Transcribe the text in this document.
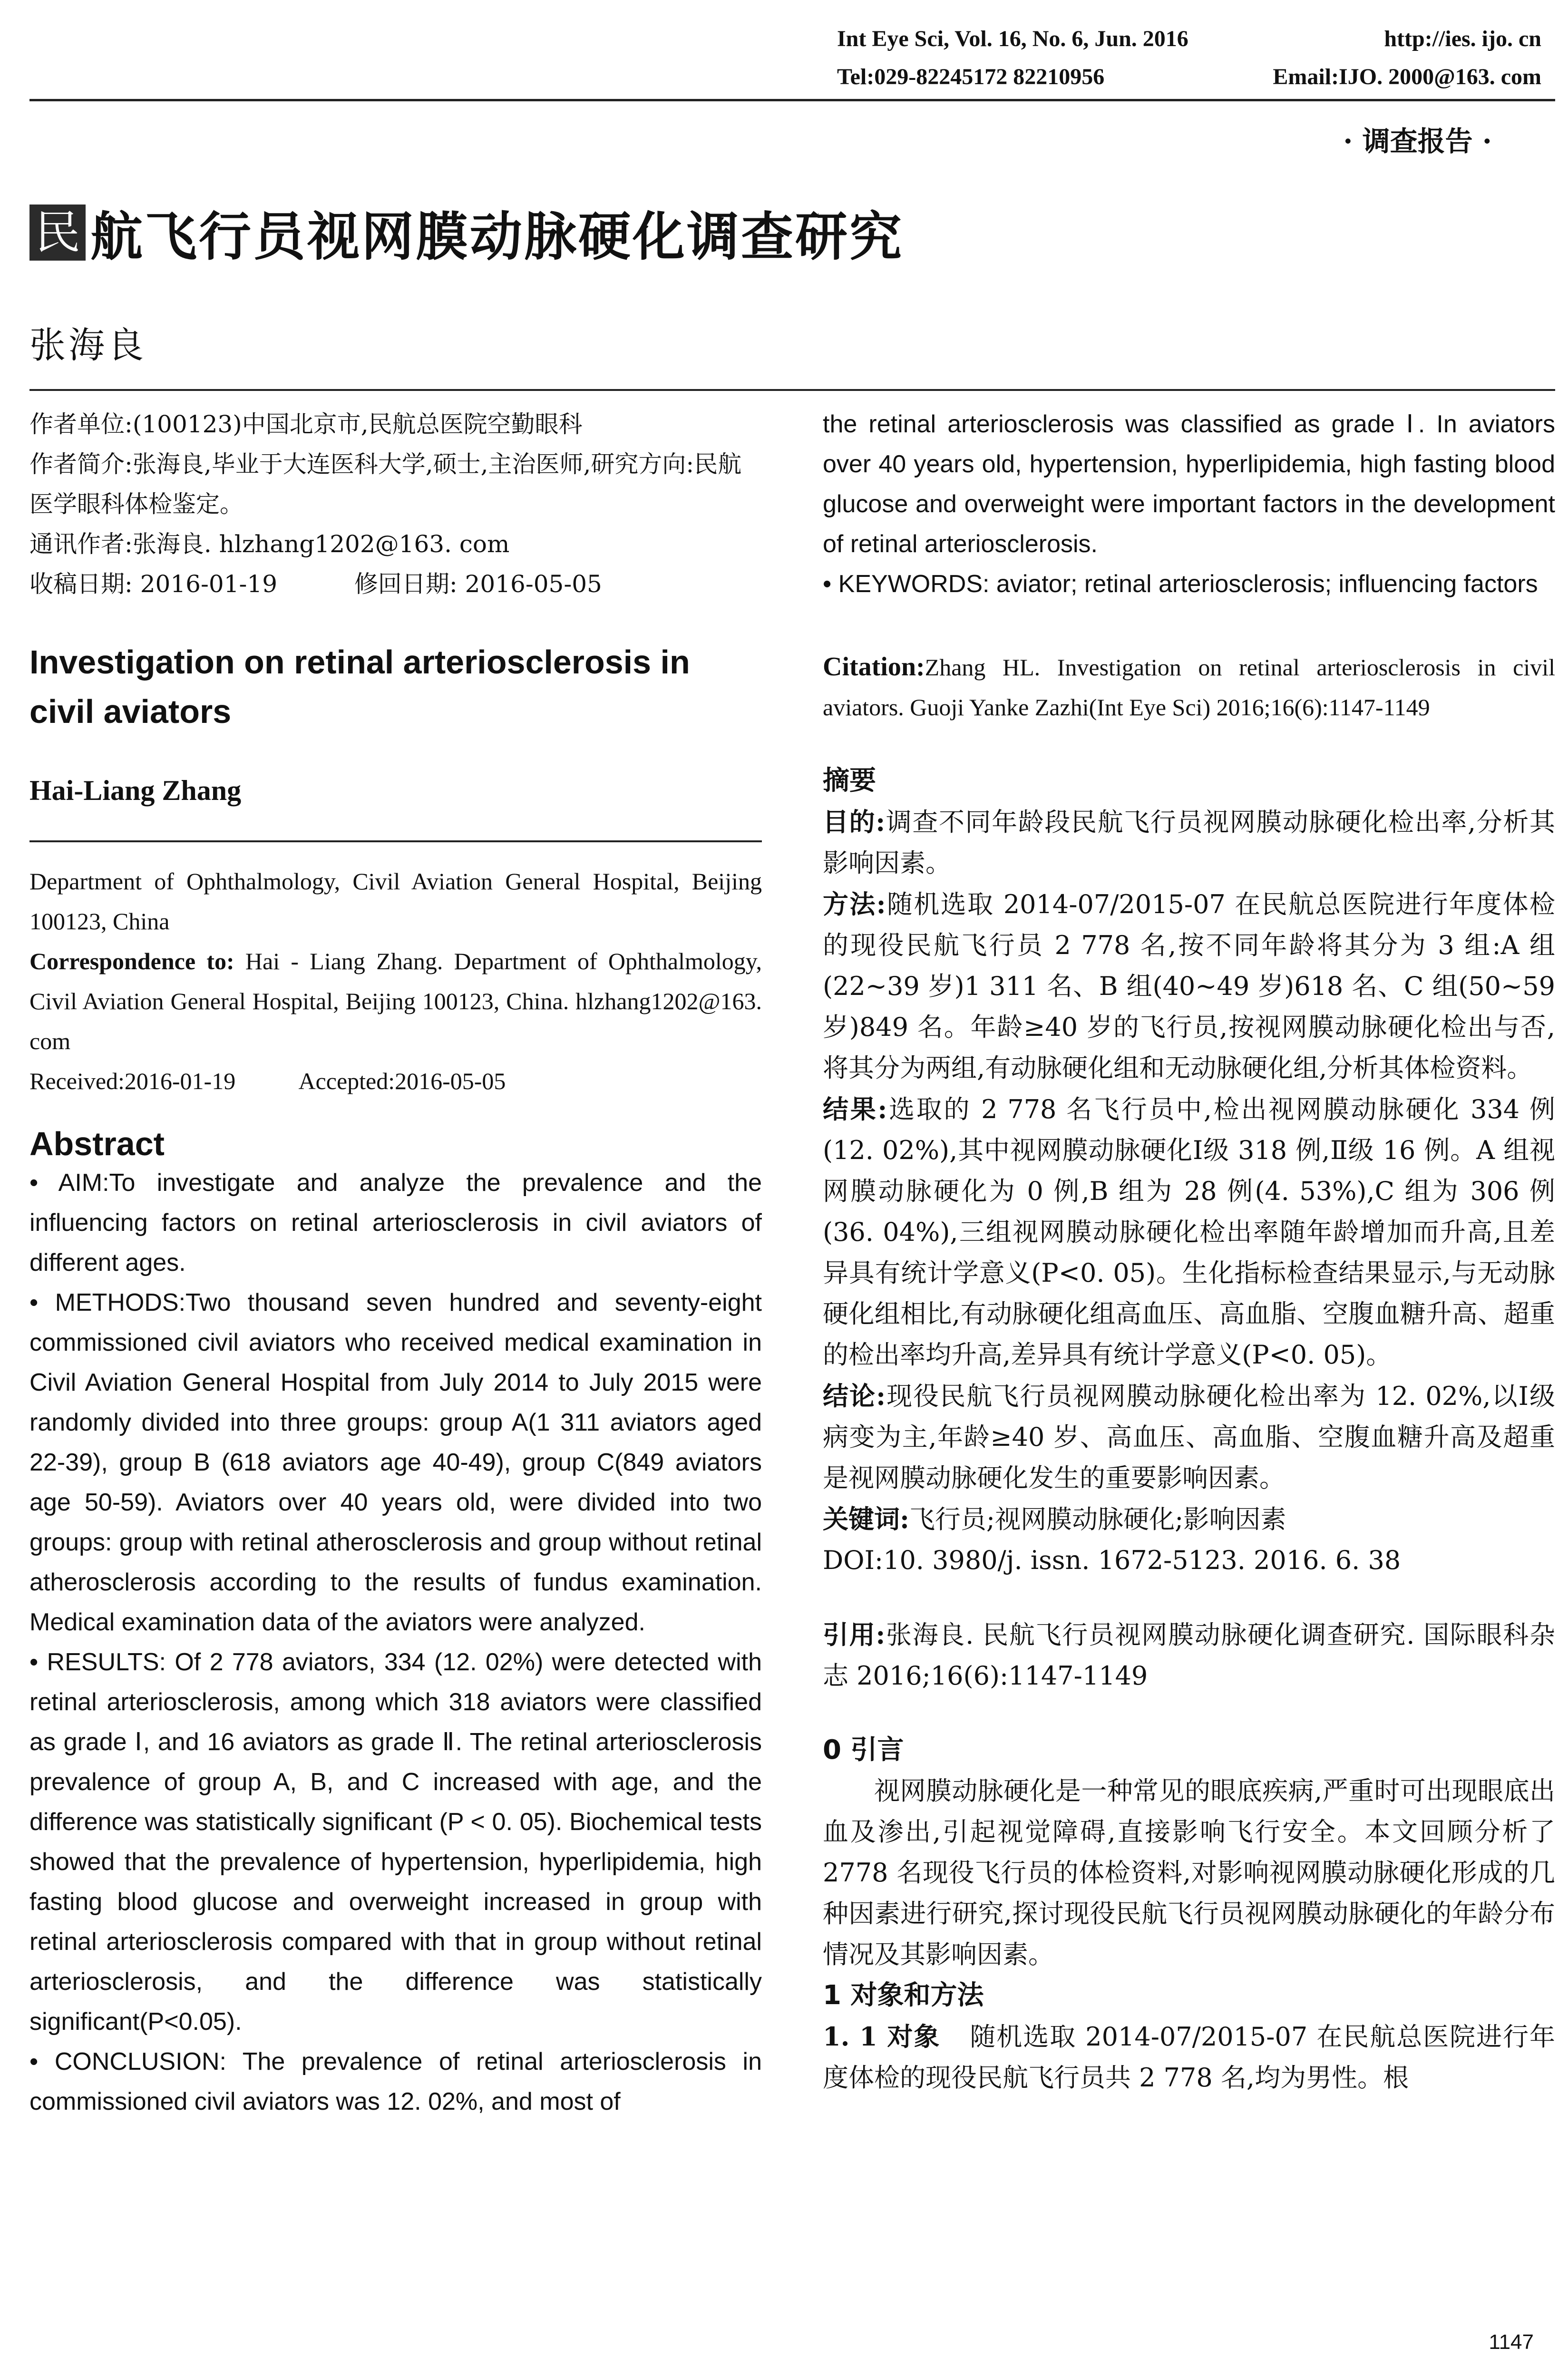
Int Eye Sci, Vol. 16, No. 6, Jun. 2016	http://ies. ijo. cn
Tel:029-82245172 82210956	Email:IJO. 2000@163. com
· 调查报告 ·
民 航飞行员视网膜动脉硬化调查研究
张海良

作者单位:(100123)中国北京市,民航总医院空勤眼科

作者简介:张海良,毕业于大连医科大学,硕士,主治医师,研究方向:民航医学眼科体检鉴定。

通讯作者:张海良. hlzhang1202@163. com

收稿日期: 2016-01-19	修回日期: 2016-05-05

Investigation on retinal arteriosclerosis in civil aviators

Hai-Liang Zhang

Department of Ophthalmology, Civil Aviation General Hospital, Beijing 100123, China

Correspondence to: Hai - Liang Zhang. Department of Ophthalmology, Civil Aviation General Hospital, Beijing 100123, China. hlzhang1202@163. com

Received:2016-01-19	Accepted:2016-05-05

Abstract

• AIM:To investigate and analyze the prevalence and the influencing factors on retinal arteriosclerosis in civil aviators of different ages.

• METHODS:Two thousand seven hundred and seventy-eight commissioned civil aviators who received medical examination in Civil Aviation General Hospital from July 2014 to July 2015 were randomly divided into three groups: group A(1 311 aviators aged 22-39), group B (618 aviators age 40-49), group C(849 aviators age 50-59). Aviators over 40 years old, were divided into two groups: group with retinal atherosclerosis and group without retinal atherosclerosis according to the results of fundus examination. Medical examination data of the aviators were analyzed.

• RESULTS: Of 2 778 aviators, 334 (12. 02%) were detected with retinal arteriosclerosis, among which 318 aviators were classified as grade Ⅰ, and 16 aviators as grade Ⅱ. The retinal arteriosclerosis prevalence of group A, B, and C increased with age, and the difference was statistically significant (P < 0. 05). Biochemical tests showed that the prevalence of hypertension, hyperlipidemia, high fasting blood glucose and overweight increased in group with retinal arteriosclerosis compared with that in group without retinal arteriosclerosis, and the difference was statistically significant(P<0.05).

• CONCLUSION: The prevalence of retinal arteriosclerosis in commissioned civil aviators was 12. 02%, and most of

the retinal arteriosclerosis was classified as grade Ⅰ. In aviators over 40 years old, hypertension, hyperlipidemia, high fasting blood glucose and overweight were important factors in the development of retinal arteriosclerosis.

• KEYWORDS: aviator; retinal arteriosclerosis; influencing factors

Citation:Zhang HL. Investigation on retinal arteriosclerosis in civil aviators. Guoji Yanke Zazhi(Int Eye Sci) 2016;16(6):1147-1149

摘要

目的:调查不同年龄段民航飞行员视网膜动脉硬化检出率,分析其影响因素。

方法:随机选取 2014-07/2015-07 在民航总医院进行年度体检的现役民航飞行员 2 778 名,按不同年龄将其分为 3 组:A 组(22~39 岁)1 311 名、B 组(40~49 岁)618 名、C 组(50~59 岁)849 名。年龄≥40 岁的飞行员,按视网膜动脉硬化检出与否,将其分为两组,有动脉硬化组和无动脉硬化组,分析其体检资料。

结果:选取的 2 778 名飞行员中,检出视网膜动脉硬化 334 例(12. 02%),其中视网膜动脉硬化Ⅰ级 318 例,Ⅱ级 16 例。A 组视网膜动脉硬化为 0 例,B 组为 28 例(4. 53%),C 组为 306 例(36. 04%),三组视网膜动脉硬化检出率随年龄增加而升高,且差异具有统计学意义(P<0. 05)。生化指标检查结果显示,与无动脉硬化组相比,有动脉硬化组高血压、高血脂、空腹血糖升高、超重的检出率均升高,差异具有统计学意义(P<0. 05)。

结论:现役民航飞行员视网膜动脉硬化检出率为 12. 02%,以Ⅰ级病变为主,年龄≥40 岁、高血压、高血脂、空腹血糖升高及超重是视网膜动脉硬化发生的重要影响因素。

关键词:飞行员;视网膜动脉硬化;影响因素

DOI:10. 3980/j. issn. 1672-5123. 2016. 6. 38

引用:张海良. 民航飞行员视网膜动脉硬化调查研究. 国际眼科杂志 2016;16(6):1147-1149

0 引言

视网膜动脉硬化是一种常见的眼底疾病,严重时可出现眼底出血及渗出,引起视觉障碍,直接影响飞行安全。本文回顾分析了 2778 名现役飞行员的体检资料,对影响视网膜动脉硬化形成的几种因素进行研究,探讨现役民航飞行员视网膜动脉硬化的年龄分布情况及其影响因素。

1 对象和方法

1. 1 对象 随机选取 2014-07/2015-07 在民航总医院进行年度体检的现役民航飞行员共 2 778 名,均为男性。根

1147
